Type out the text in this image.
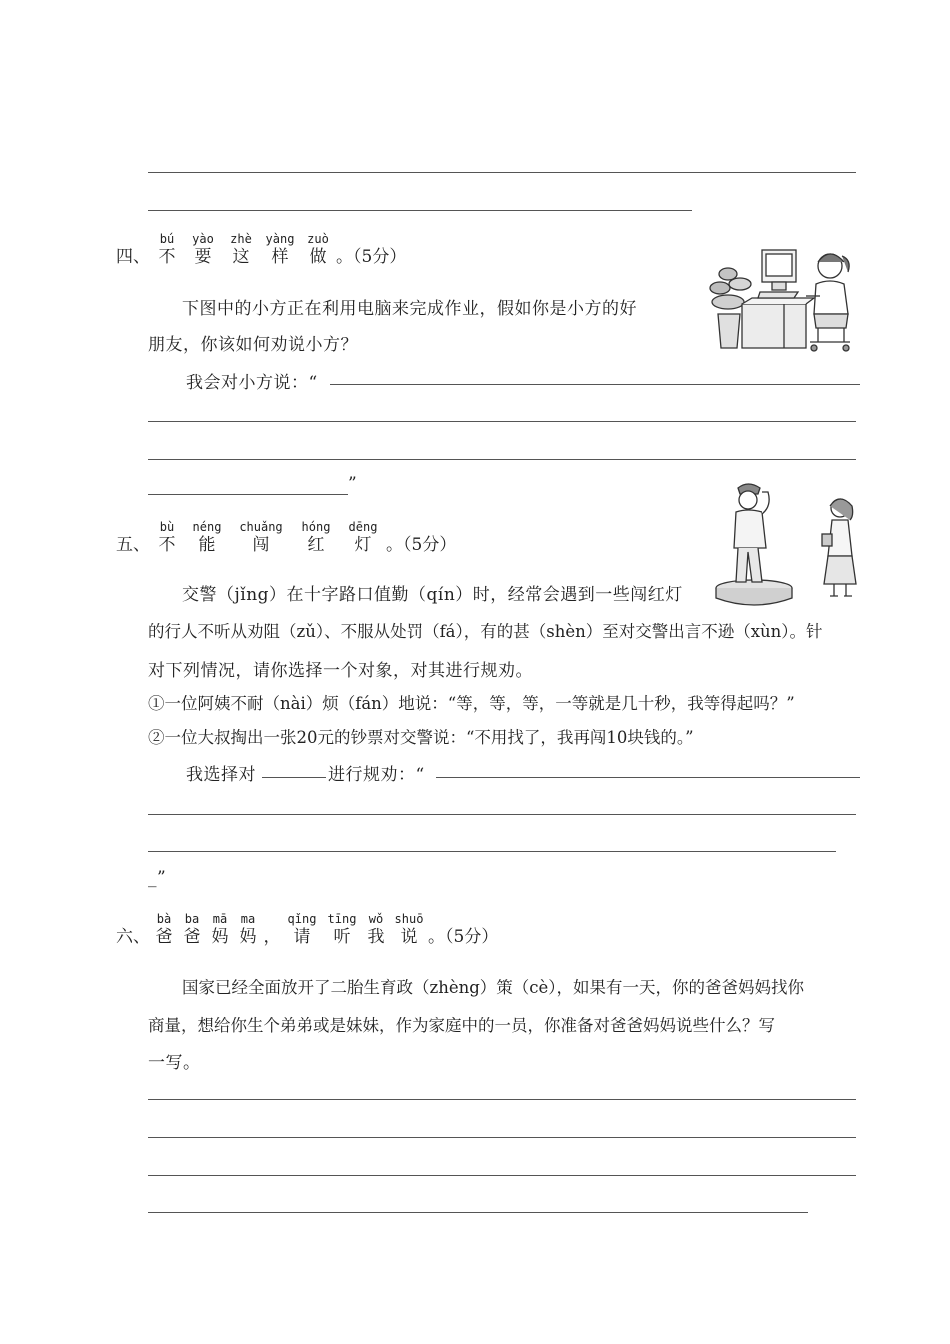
四、
bú
不
yào
要
zhè
这
yàng
样
zuò
做 。（5分）
下图中的小方正在利用电脑来完成作业，假如你是小方的好
朋友，你该如何劝说小方？
我会对小方说：“
”
五、
bù
不
néng
能
chuǎng
闯
hóng
红
dēng
灯 。（5分）
交警（jǐng）在十字路口值勤（qín）时，经常会遇到一些闯红灯
的行人不听从劝阻（zǔ）、不服从处罚（fá），有的甚（shèn）至对交警出言不逊（xùn）。针
对下列情况，请你选择一个对象，对其进行规劝。
①一位阿姨不耐（nài）烦（fán）地说：“等，等，等，一等就是几十秒，我等得起吗？”
②一位大叔掏出一张20元的钞票对交警说：“不用找了，我再闯10块钱的。”
我选择对	进行规劝：“
_”
六、
bà
爸
ba
爸
mā
妈
ma
妈 ，
qǐng
请
tīng
听
wǒ
我
shuō
说 。（5分）
国家已经全面放开了二胎生育政（zhèng）策（cè），如果有一天，你的爸爸妈妈找你
商量，想给你生个弟弟或是妹妹，作为家庭中的一员，你准备对爸爸妈妈说些什么？写
一写。
